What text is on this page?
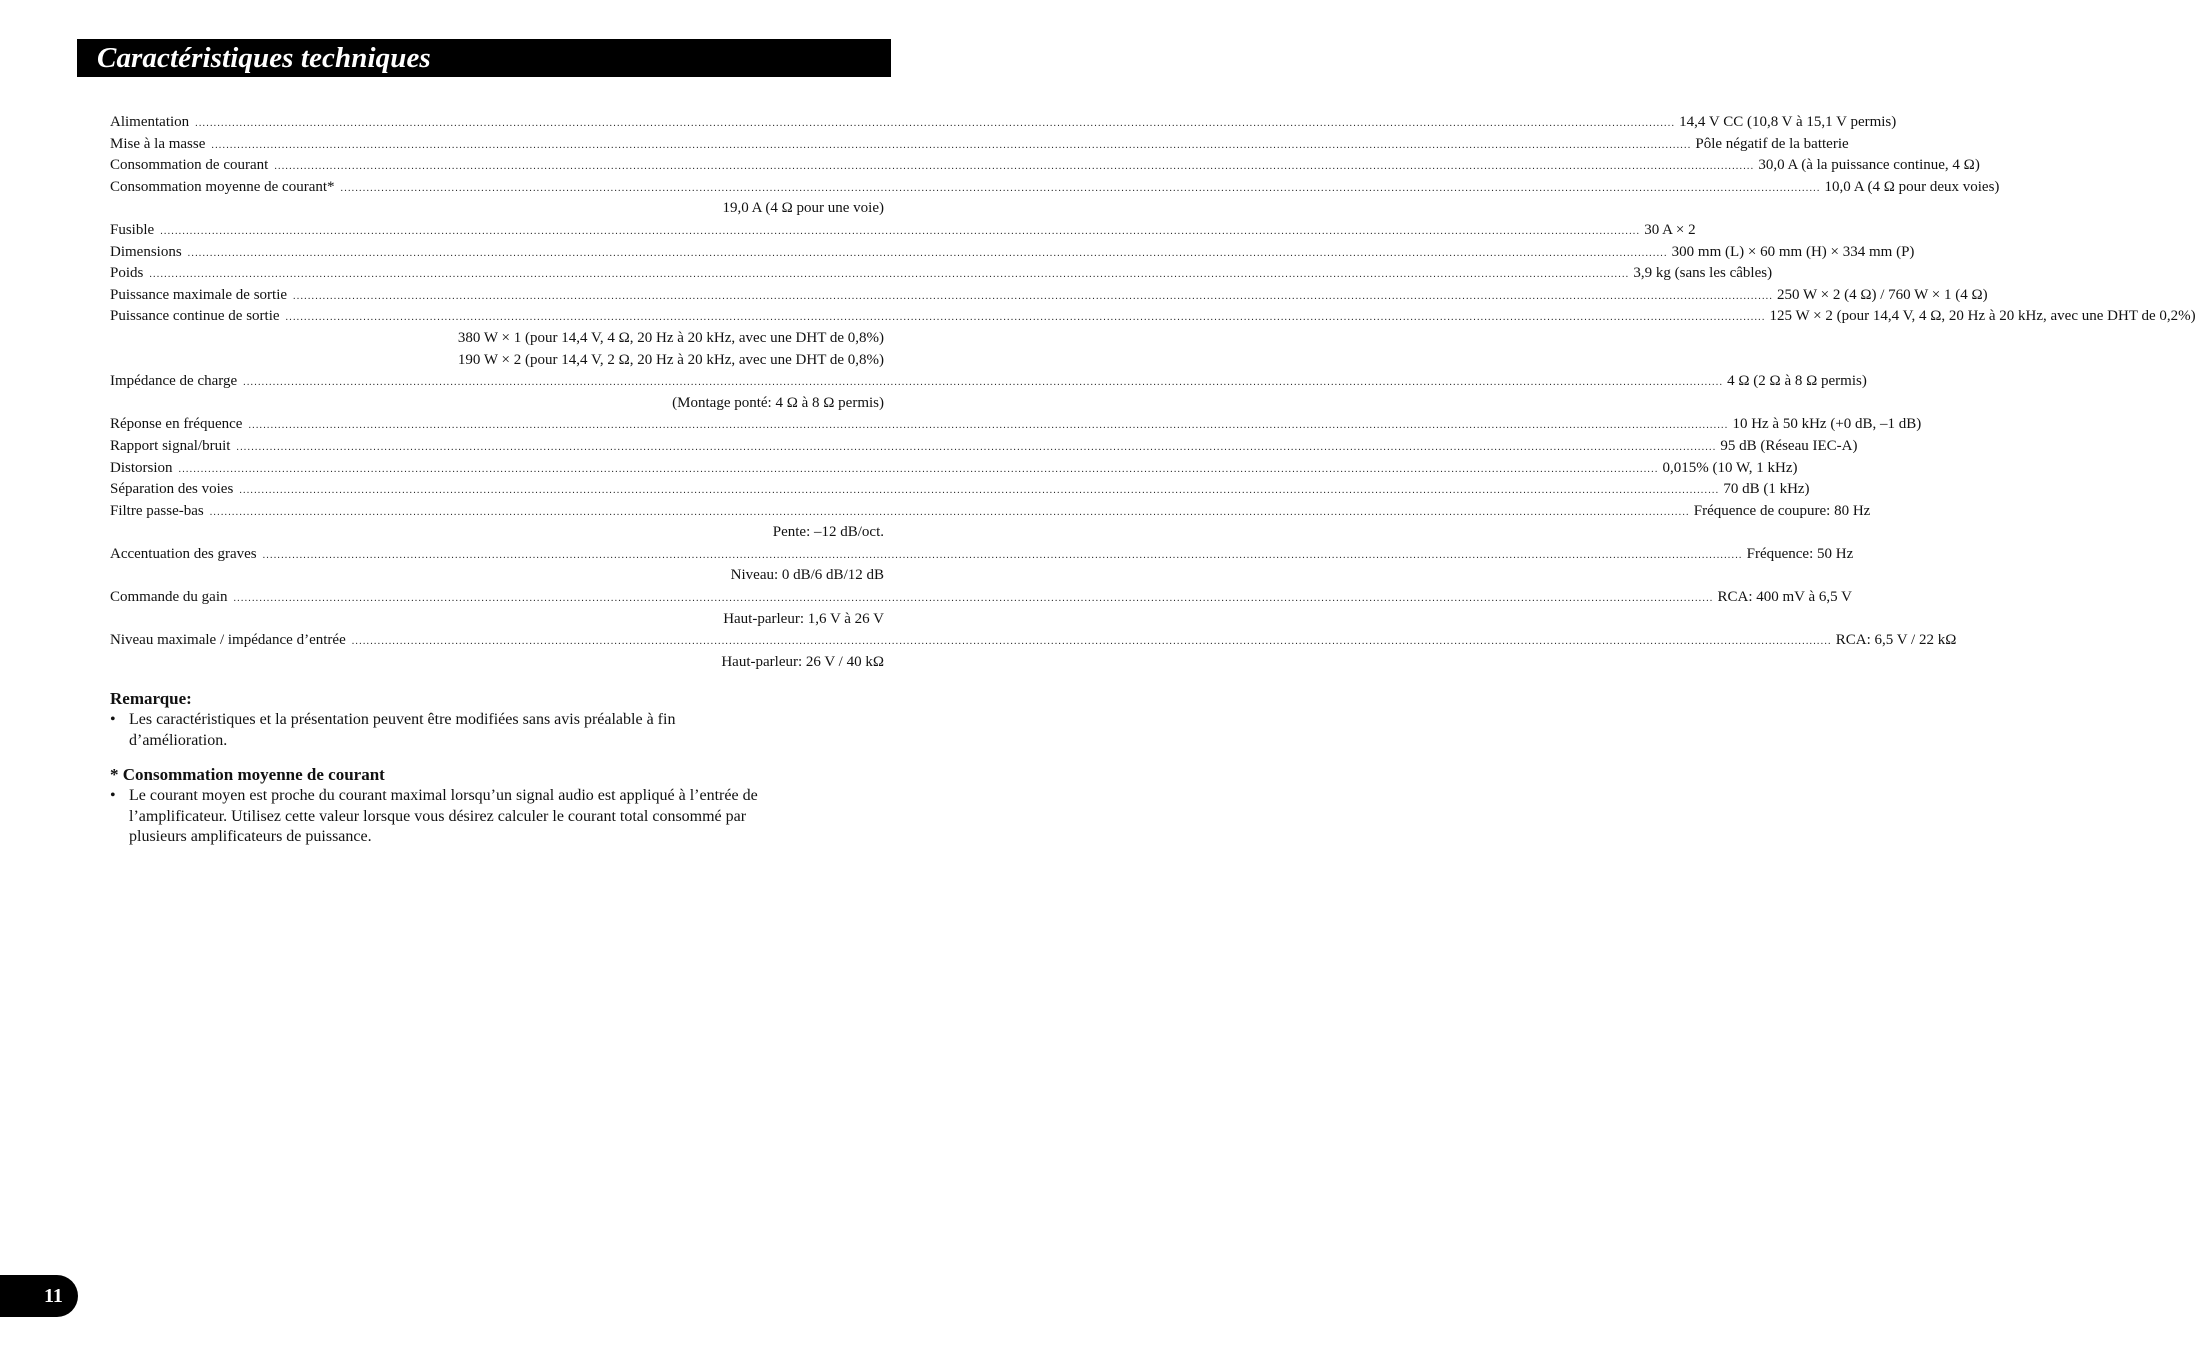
Caractéristiques techniques
Alimentation ................................................................................................................................................................................................................................................................................................................................................................................................................ 14,4 V CC (10,8 V à 15,1 V permis)
Mise à la masse ................................................................................................................................................................................................................................................................................................................................................................................................................ Pôle négatif de la batterie
Consommation de courant ................................................................................................................................................................................................................................................................................................................................................................................................................ 30,0 A (à la puissance continue, 4 Ω)
Consommation moyenne de courant* ................................................................................................................................................................................................................................................................................................................................................................................................................ 10,0 A (4 Ω pour deux voies)
19,0 A (4 Ω pour une voie)
Fusible ................................................................................................................................................................................................................................................................................................................................................................................................................ 30 A × 2
Dimensions ................................................................................................................................................................................................................................................................................................................................................................................................................ 300 mm (L) × 60 mm (H) × 334 mm (P)
Poids ................................................................................................................................................................................................................................................................................................................................................................................................................ 3,9 kg (sans les câbles)
Puissance maximale de sortie ................................................................................................................................................................................................................................................................................................................................................................................................................ 250 W × 2 (4 Ω) / 760 W × 1 (4 Ω)
Puissance continue de sortie ................................................................................................................................................................................................................................................................................................................................................................................................................ 125 W × 2 (pour 14,4 V, 4 Ω, 20 Hz à 20 kHz, avec une DHT de 0,2%)
380 W × 1 (pour 14,4 V, 4 Ω, 20 Hz à 20 kHz, avec une DHT de 0,8%)
190 W × 2 (pour 14,4 V, 2 Ω, 20 Hz à 20 kHz, avec une DHT de 0,8%)
Impédance de charge ................................................................................................................................................................................................................................................................................................................................................................................................................ 4 Ω (2 Ω à 8 Ω permis)
(Montage ponté: 4 Ω à 8 Ω permis)
Réponse en fréquence ................................................................................................................................................................................................................................................................................................................................................................................................................ 10 Hz à 50 kHz (+0 dB, –1 dB)
Rapport signal/bruit ................................................................................................................................................................................................................................................................................................................................................................................................................ 95 dB (Réseau IEC-A)
Distorsion ................................................................................................................................................................................................................................................................................................................................................................................................................ 0,015% (10 W, 1 kHz)
Séparation des voies ................................................................................................................................................................................................................................................................................................................................................................................................................ 70 dB (1 kHz)
Filtre passe-bas ................................................................................................................................................................................................................................................................................................................................................................................................................ Fréquence de coupure: 80 Hz
Pente: –12 dB/oct.
Accentuation des graves ................................................................................................................................................................................................................................................................................................................................................................................................................ Fréquence: 50 Hz
Niveau: 0 dB/6 dB/12 dB
Commande du gain ................................................................................................................................................................................................................................................................................................................................................................................................................ RCA: 400 mV à 6,5 V
Haut-parleur: 1,6 V à 26 V
Niveau maximale / impédance d’entrée ................................................................................................................................................................................................................................................................................................................................................................................................................ RCA: 6,5 V / 22 kΩ
Haut-parleur: 26 V / 40 kΩ
Remarque:
• Les caractéristiques et la présentation peuvent être modifiées sans avis préalable à fin d’amélioration.
* Consommation moyenne de courant
• Le courant moyen est proche du courant maximal lorsqu’un signal audio est appliqué à l’entrée de l’amplificateur. Utilisez cette valeur lorsque vous désirez calculer le courant total consommé par plusieurs amplificateurs de puissance.
11
